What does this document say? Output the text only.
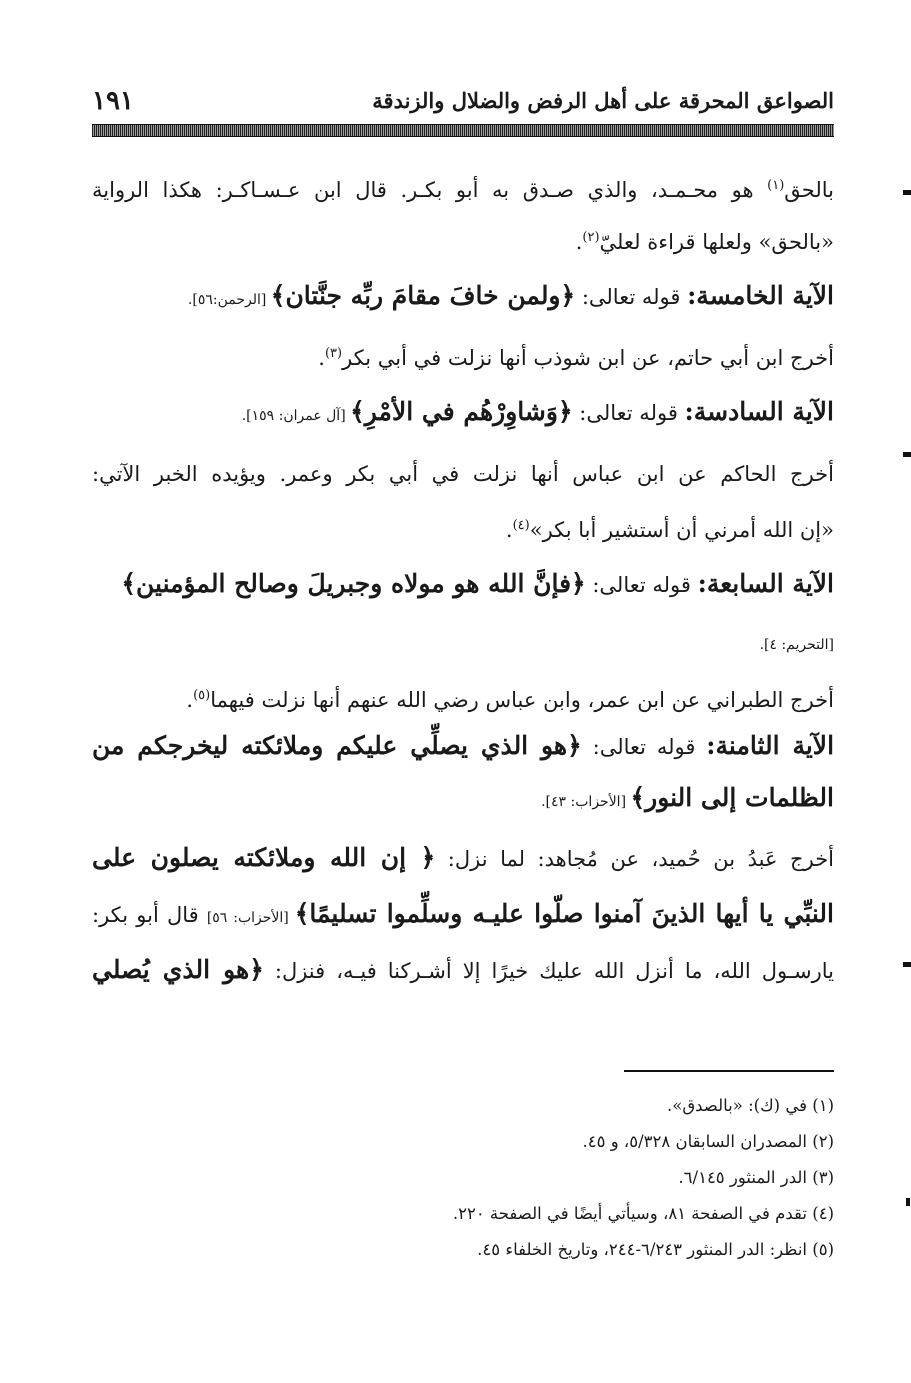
الصواعق المحرقة على أهل الرفض والضلال والزندقة
١٩١
بالحق$^{(١)}$ هو محـمـد، والذي صـدق به أبو بكـر. قال ابن عـسـاكـر: هكذا الرواية
«بالحق» ولعلها قراءة لعليّ$^{(٢)}$.
الآية الخامسة: قوله تعالى: ﴿ولمن خافَ مقامَ ربِّه جنَّتان﴾ [الرحمن:٥٦].
أخرج ابن أبي حاتم، عن ابن شوذب أنها نزلت في أبي بكر$^{(٣)}$.
الآية السادسة: قوله تعالى: ﴿وَشاوِرْهُم في الأمْرِ﴾ [آل عمران: ١٥٩].
أخرج الحاكم عن ابن عباس أنها نزلت في أبي بكر وعمر. ويؤيده الخبر الآتي:
«إن الله أمرني أن أستشير أبا بكر»$^{(٤)}$.
الآية السابعة: قوله تعالى: ﴿فإنَّ الله هو مولاه وجبريلَ وصالح المؤمنين﴾
[التحريم: ٤].
أخرج الطبراني عن ابن عمر، وابن عباس رضي الله عنهم أنها نزلت فيهما$^{(٥)}$.
الآية الثامنة: قوله تعالى: ﴿هو الذي يصلِّي عليكم وملائكته ليخرجكم من
الظلمات إلى النور﴾ [الأحزاب: ٤٣].
أخرج عَبدُ بن حُميد، عن مُجاهد: لما نزل: ﴿ إن الله وملائكته يصلون على
النبِّي يا أيها الذينَ آمنوا صلّوا عليـه وسلِّموا تسليمًا﴾ [الأحزاب: ٥٦] قال أبو بكر:
يارسـول الله، ما أنزل الله عليك خيرًا إلا أشـركنا فيـه، فنزل: ﴿هو الذي يُصلي
(١) في (ك): «بالصدق».
(٢) المصدران السابقان ٥/٣٢٨، و ٤٥.
(٣) الدر المنثور ٦/١٤٥.
(٤) تقدم في الصفحة ٨١، وسيأتي أيضًا في الصفحة ٢٢٠.
(٥) انظر: الدر المنثور ٦/٢٤٣-٢٤٤، وتاريخ الخلفاء ٤٥.
